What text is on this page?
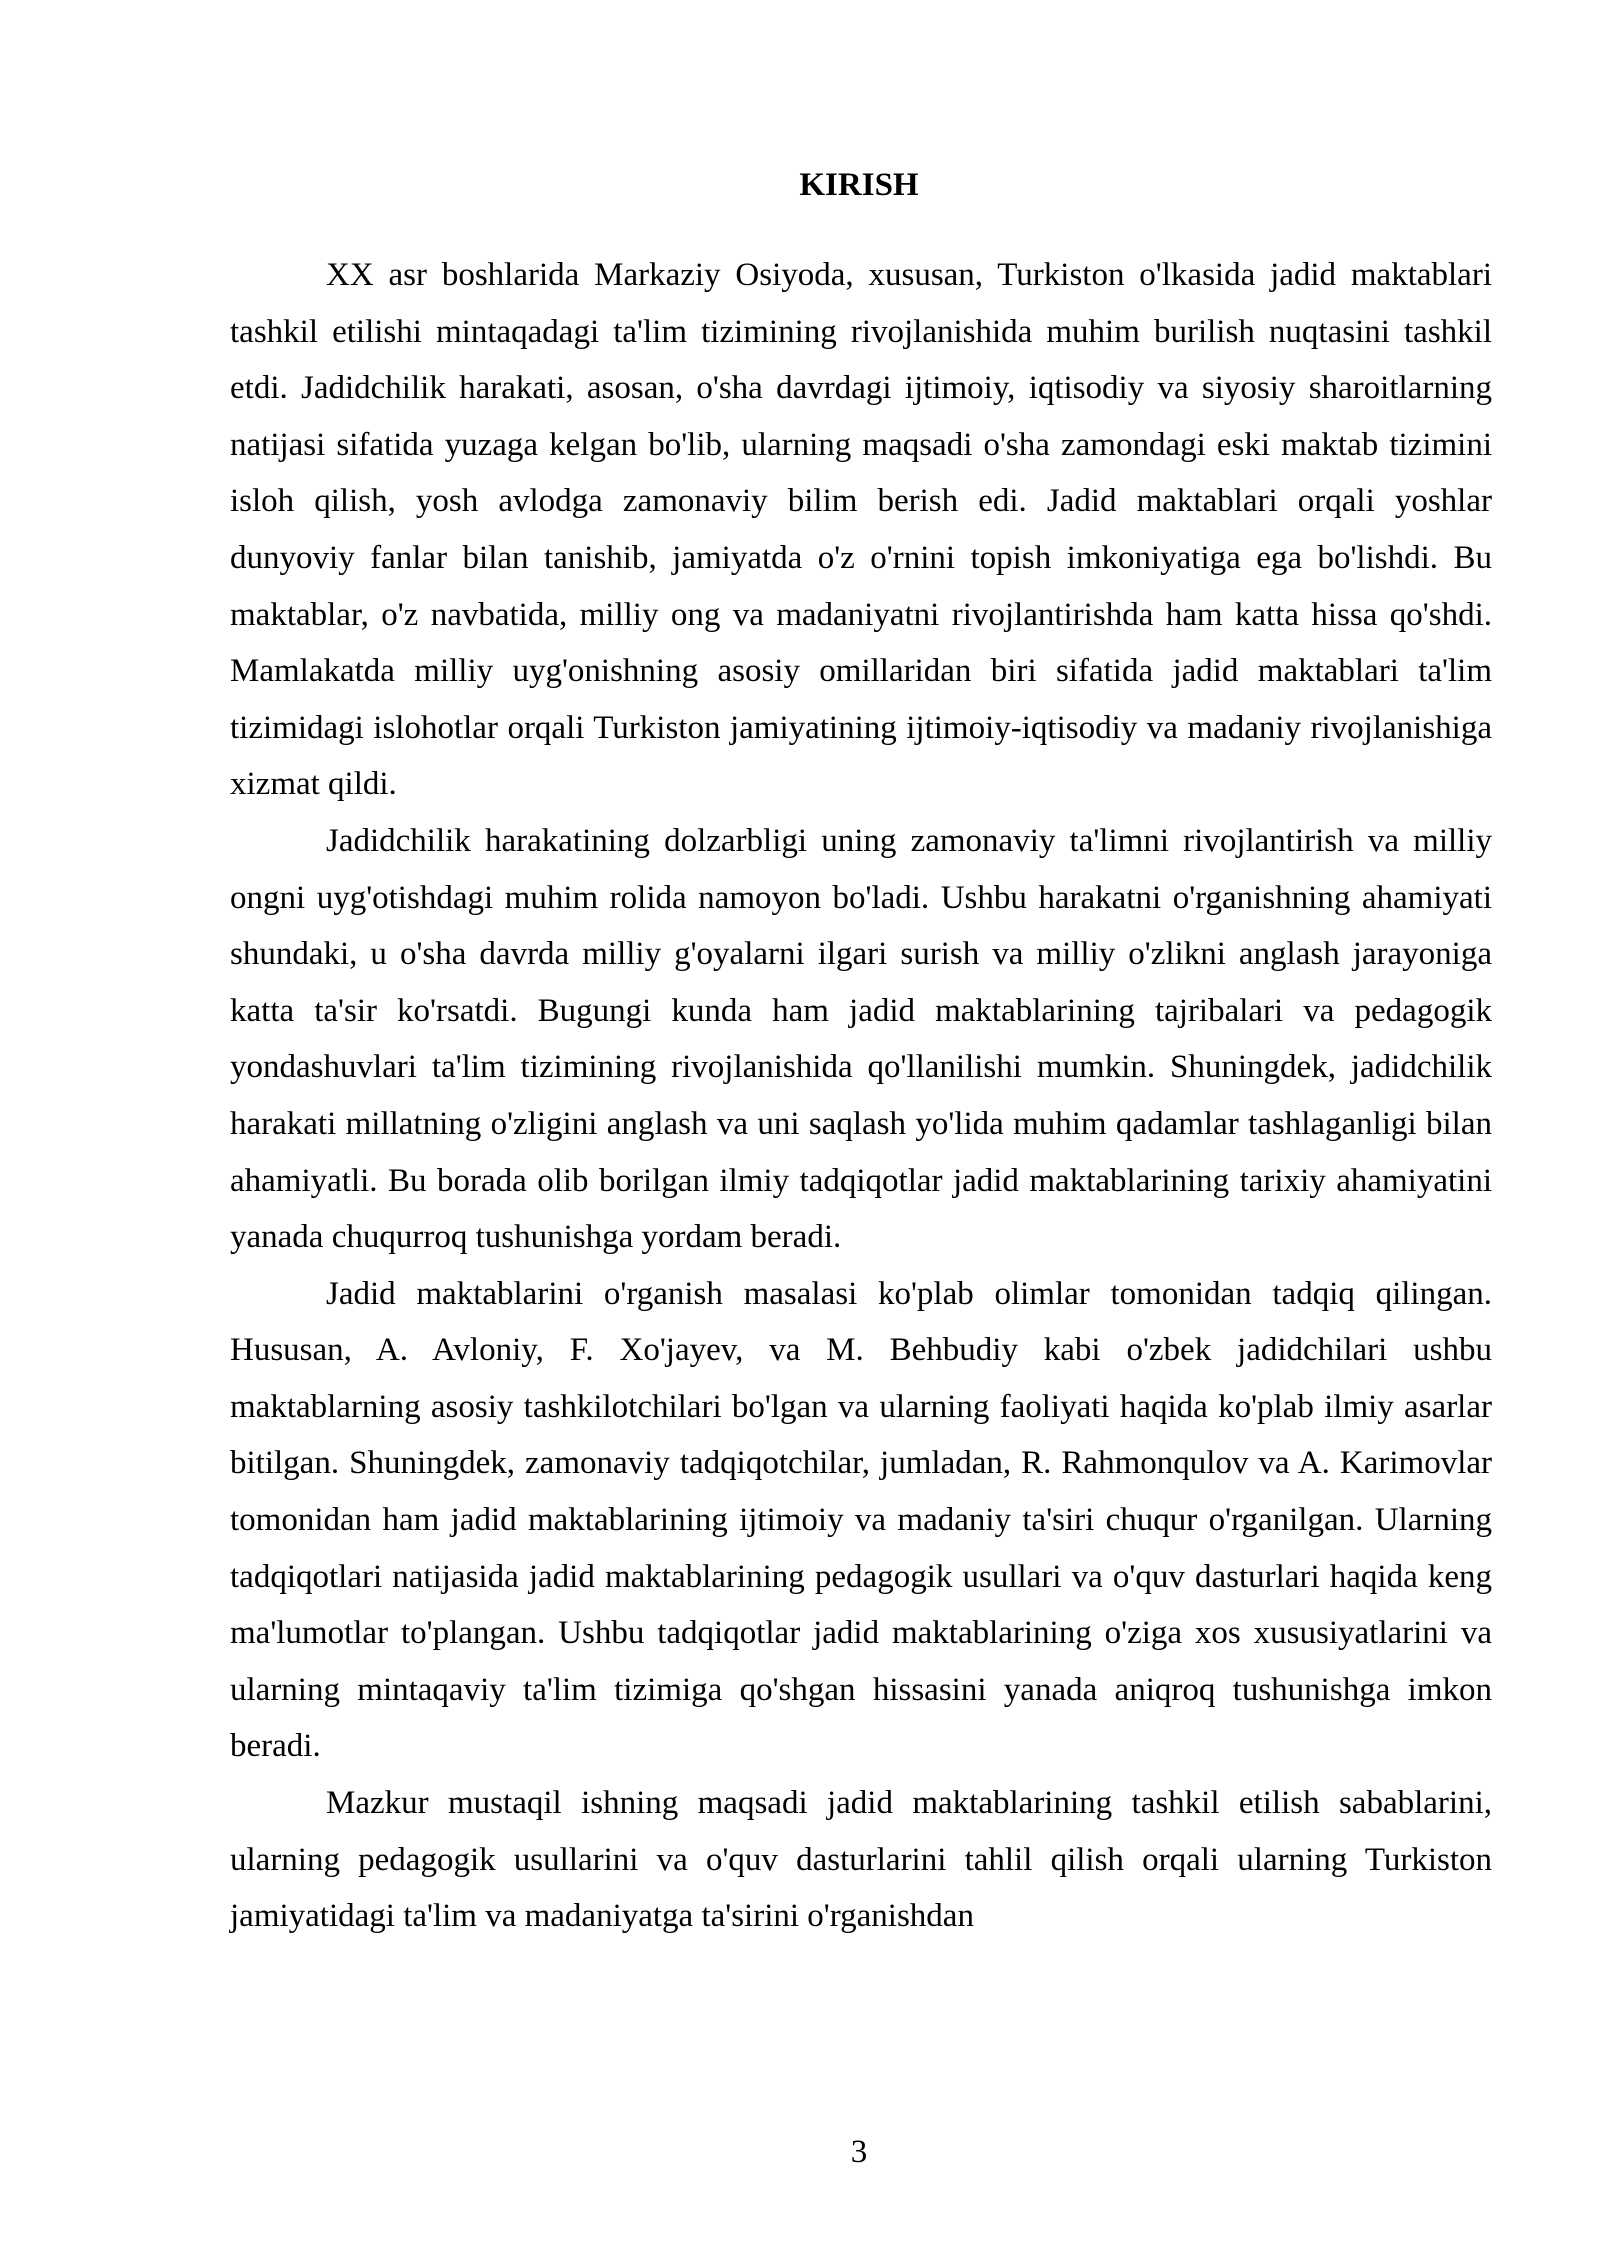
KIRISH

XX asr boshlarida Markaziy Osiyoda, xususan, Turkiston o'lkasida jadid maktablari tashkil etilishi mintaqadagi ta'lim tizimining rivojlanishida muhim burilish nuqtasini tashkil etdi. Jadidchilik harakati, asosan, o'sha davrdagi ijtimoiy, iqtisodiy va siyosiy sharoitlarning natijasi sifatida yuzaga kelgan bo'lib, ularning maqsadi o'sha zamondagi eski maktab tizimini isloh qilish, yosh avlodga zamonaviy bilim berish edi. Jadid maktablari orqali yoshlar dunyoviy fanlar bilan tanishib, jamiyatda o'z o'rnini topish imkoniyatiga ega bo'lishdi. Bu maktablar, o'z navbatida, milliy ong va madaniyatni rivojlantirishda ham katta hissa qo'shdi. Mamlakatda milliy uyg'onishning asosiy omillaridan biri sifatida jadid maktablari ta'lim tizimidagi islohotlar orqali Turkiston jamiyatining ijtimoiy-iqtisodiy va madaniy rivojlanishiga xizmat qildi.

Jadidchilik harakatining dolzarbligi uning zamonaviy ta'limni rivojlantirish va milliy ongni uyg'otishdagi muhim rolida namoyon bo'ladi. Ushbu harakatni o'rganishning ahamiyati shundaki, u o'sha davrda milliy g'oyalarni ilgari surish va milliy o'zlikni anglash jarayoniga katta ta'sir ko'rsatdi. Bugungi kunda ham jadid maktablarining tajribalari va pedagogik yondashuvlari ta'lim tizimining rivojlanishida qo'llanilishi mumkin. Shuningdek, jadidchilik harakati millatning o'zligini anglash va uni saqlash yo'lida muhim qadamlar tashlaganligi bilan ahamiyatli. Bu borada olib borilgan ilmiy tadqiqotlar jadid maktablarining tarixiy ahamiyatini yanada chuqurroq tushunishga yordam beradi.

Jadid maktablarini o'rganish masalasi ko'plab olimlar tomonidan tadqiq qilingan. Hususan, A. Avloniy, F. Xo'jayev, va M. Behbudiy kabi o'zbek jadidchilari ushbu maktablarning asosiy tashkilotchilari bo'lgan va ularning faoliyati haqida ko'plab ilmiy asarlar bitilgan. Shuningdek, zamonaviy tadqiqotchilar, jumladan, R. Rahmonqulov va A. Karimovlar tomonidan ham jadid maktablarining ijtimoiy va madaniy ta'siri chuqur o'rganilgan. Ularning tadqiqotlari natijasida jadid maktablarining pedagogik usullari va o'quv dasturlari haqida keng ma'lumotlar to'plangan. Ushbu tadqiqotlar jadid maktablarining o'ziga xos xususiyatlarini va ularning mintaqaviy ta'lim tizimiga qo'shgan hissasini yanada aniqroq tushunishga imkon beradi.

Mazkur mustaqil ishning maqsadi jadid maktablarining tashkil etilish sabablarini, ularning pedagogik usullarini va o'quv dasturlarini tahlil qilish orqali ularning Turkiston jamiyatidagi ta'lim va madaniyatga ta'sirini o'rganishdan

3
